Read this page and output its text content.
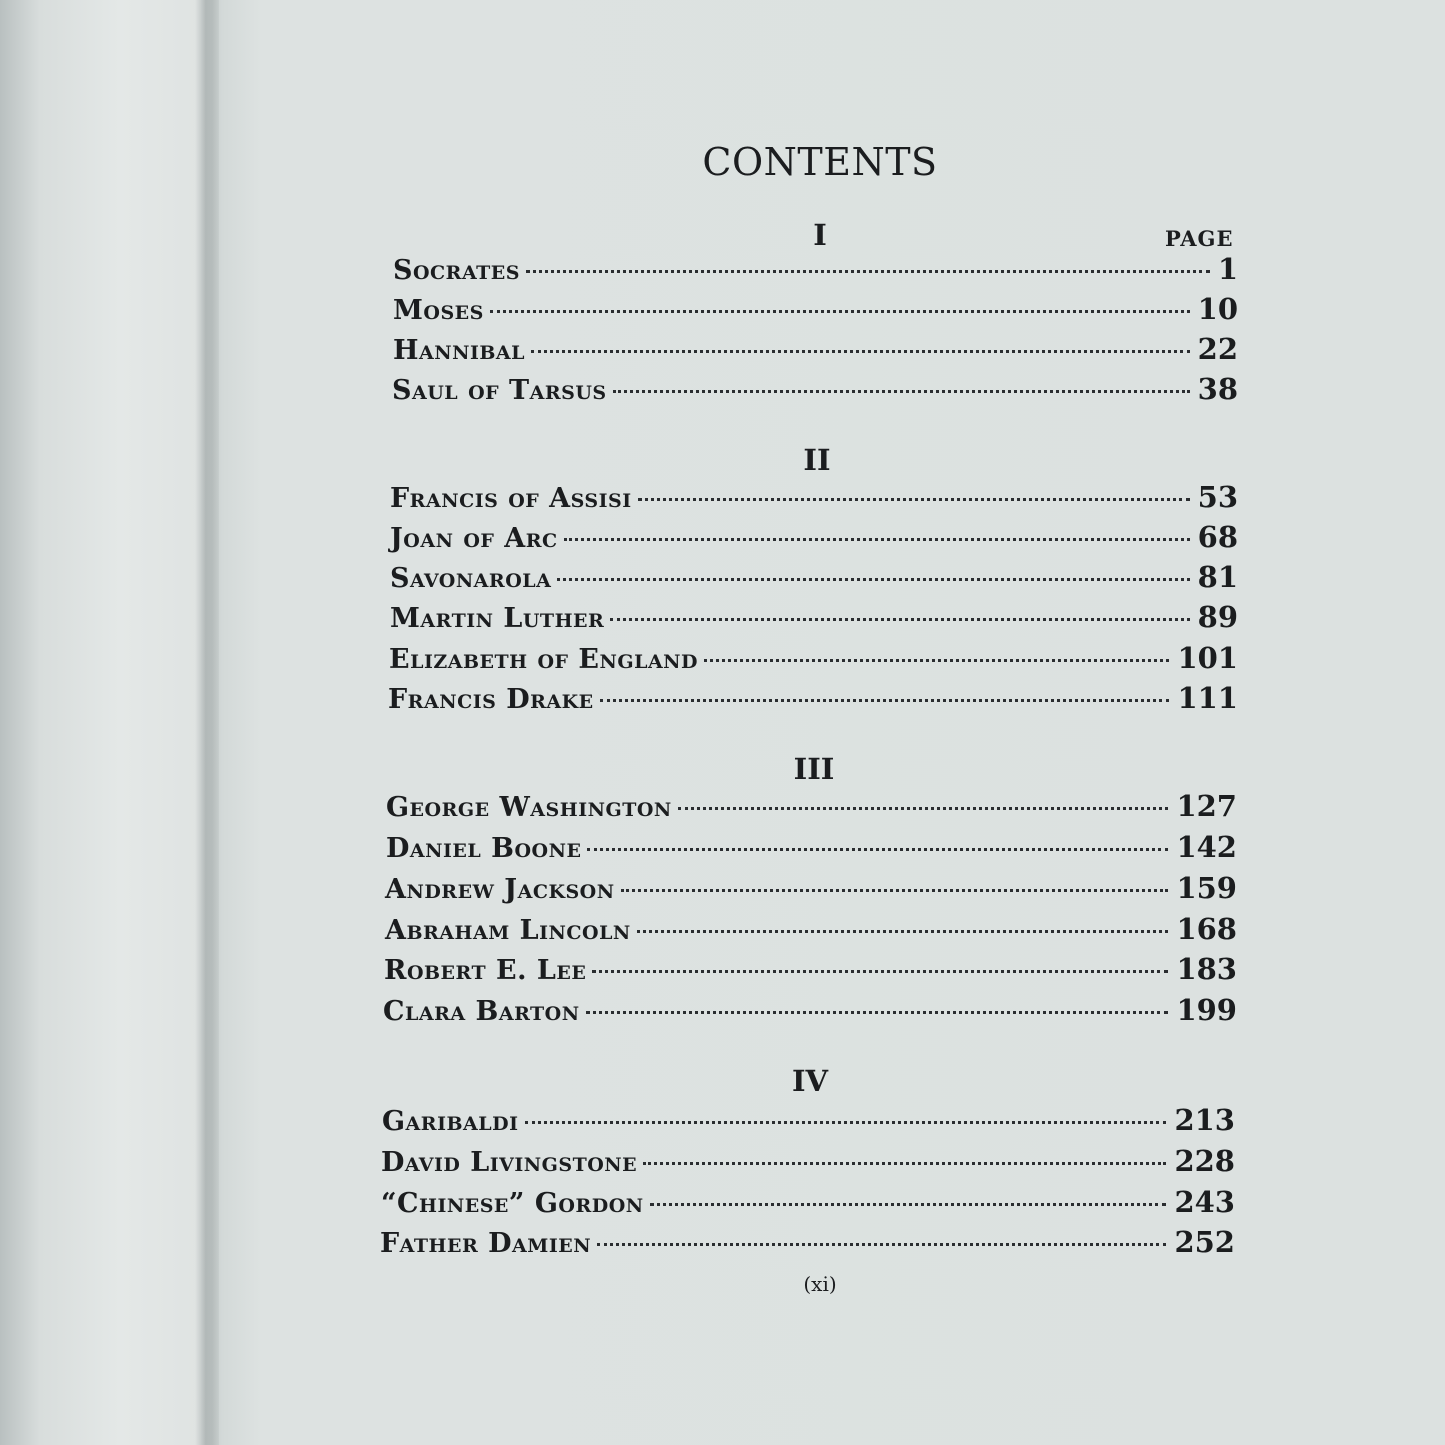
CONTENTS
PAGE
I
Socrates	1
Moses	10
Hannibal	22
Saul of Tarsus	38
II
Francis of Assisi	53
Joan of Arc	68
Savonarola	81
Martin Luther	89
Elizabeth of England	101
Francis Drake	111
III
George Washington	127
Daniel Boone	142
Andrew Jackson	159
Abraham Lincoln	168
Robert E. Lee	183
Clara Barton	199
IV
Garibaldi	213
David Livingstone	228
“Chinese” Gordon	243
Father Damien	252
(xi)
